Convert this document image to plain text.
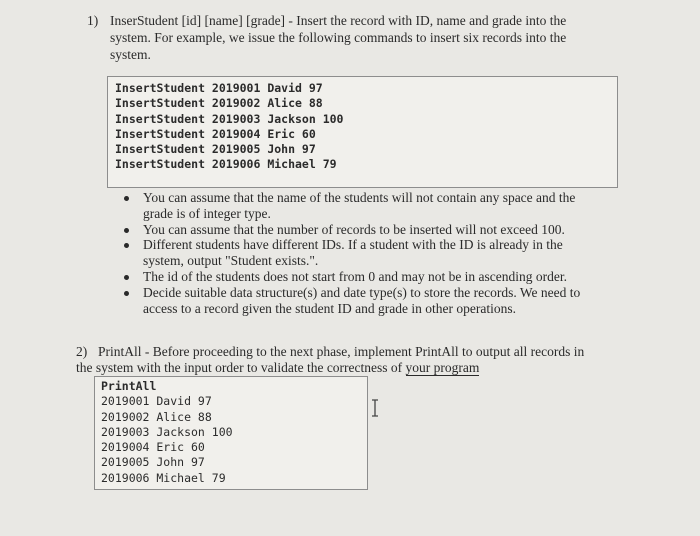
1) InserStudent [id] [name] [grade] - Insert the record with ID, name and grade into the
system. For example, we issue the following commands to insert six records into the
system.
InsertStudent 2019001 David 97
InsertStudent 2019002 Alice 88
InsertStudent 2019003 Jackson 100
InsertStudent 2019004 Eric 60
InsertStudent 2019005 John 97
InsertStudent 2019006 Michael 79
You can assume that the name of the students will not contain any space and the
grade is of integer type.
You can assume that the number of records to be inserted will not exceed 100.
Different students have different IDs. If a student with the ID is already in the
system, output "Student exists.".
The id of the students does not start from 0 and may not be in ascending order.
Decide suitable data structure(s) and date type(s) to store the records. We need to
access to a record given the student ID and grade in other operations.
2) PrintAll - Before proceeding to the next phase, implement PrintAll to output all records in
the system with the input order to validate the correctness of your program
PrintAll
2019001 David 97
2019002 Alice 88
2019003 Jackson 100
2019004 Eric 60
2019005 John 97
2019006 Michael 79
